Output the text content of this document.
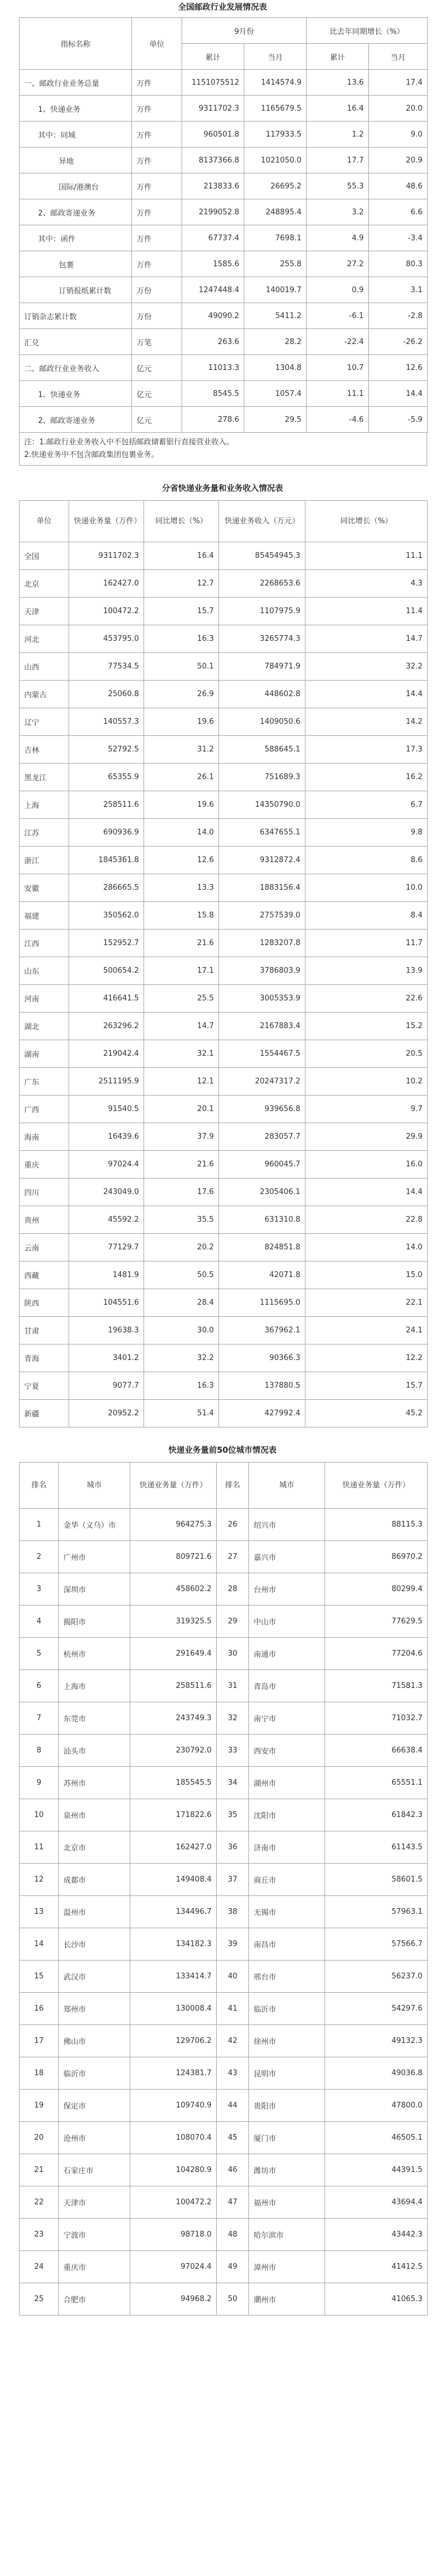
全国邮政行业发展情况表
指标名称	单位	9月份		比去年同期增长（%）	
		累计	当月	累计	当月
一、邮政行业业务总量	万件	1151075512	1414574.9	13.6	17.4
1、快递业务	万件	9311702.3	1165679.5	16.4	20.0
其中：同城	万件	960501.8	117933.5	1.2	9.0
异地	万件	8137366.8	1021050.0	17.7	20.9
国际/港澳台	万件	213833.6	26695.2	55.3	48.6
2、邮政寄递业务	万件	2199052.8	248895.4	3.2	6.6
其中：函件	万件	67737.4	7698.1	4.9	-3.4
包裹	万件	1585.6	255.8	27.2	80.3
订销报纸累计数	万份	1247448.4	140019.7	0.9	3.1
订销杂志累计数	万份	49090.2	5411.2	-6.1	-2.8
汇兑	万笔	263.6	28.2	-22.4	-26.2
二、邮政行业业务收入	亿元	11013.3	1304.8	10.7	12.6
1、快递业务	亿元	8545.5	1057.4	11.1	14.4
2、邮政寄递业务	亿元	278.6	29.5	-4.6	-5.9
注：1.邮政行业业务收入中不包括邮政储蓄银行直接营业收入。
2.快递业务中不包含邮政集团包裹业务。
分省快递业务量和业务收入情况表
单位	快递业务量（万件）	同比增长（%）	快递业务收入（万元）	同比增长（%）
全国	9311702.3	16.4	85454945.3	11.1
北京	162427.0	12.7	2268653.6	4.3
天津	100472.2	15.7	1107975.9	11.4
河北	453795.0	16.3	3265774.3	14.7
山西	77534.5	50.1	784971.9	32.2
内蒙古	25060.8	26.9	448602.8	14.4
辽宁	140557.3	19.6	1409050.6	14.2
吉林	52792.5	31.2	588645.1	17.3
黑龙江	65355.9	26.1	751689.3	16.2
上海	258511.6	19.6	14350790.0	6.7
江苏	690936.9	14.0	6347655.1	9.8
浙江	1845361.8	12.6	9312872.4	8.6
安徽	286665.5	13.3	1883156.4	10.0
福建	350562.0	15.8	2757539.0	8.4
江西	152952.7	21.6	1283207.8	11.7
山东	500654.2	17.1	3786803.9	13.9
河南	416641.5	25.5	3005353.9	22.6
湖北	263296.2	14.7	2167883.4	15.2
湖南	219042.4	32.1	1554467.5	20.5
广东	2511195.9	12.1	20247317.2	10.2
广西	91540.5	20.1	939656.8	9.7
海南	16439.6	37.9	283057.7	29.9
重庆	97024.4	21.6	960045.7	16.0
四川	243049.0	17.6	2305406.1	14.4
贵州	45592.2	35.5	631310.8	22.8
云南	77129.7	20.2	824851.8	14.0
西藏	1481.9	50.5	42071.8	15.0
陕西	104551.6	28.4	1115695.0	22.1
甘肃	19638.3	30.0	367962.1	24.1
青海	3401.2	32.2	90366.3	12.2
宁夏	9077.7	16.3	137880.5	15.7
新疆	20952.2	51.4	427992.4	45.2
快递业务量前50位城市情况表
排名	城市	快递业务量（万件）	排名	城市	快递业务量（万件）
1	金华（义乌）市	964275.3	26	绍兴市	88115.3
2	广州市	809721.6	27	嘉兴市	86970.2
3	深圳市	458602.2	28	台州市	80299.4
4	揭阳市	319325.5	29	中山市	77629.5
5	杭州市	291649.4	30	南通市	77204.6
6	上海市	258511.6	31	青岛市	71581.3
7	东莞市	243749.3	32	南宁市	71032.7
8	汕头市	230792.0	33	西安市	66638.4
9	苏州市	185545.5	34	湖州市	65551.1
10	泉州市	171822.6	35	沈阳市	61842.3
11	北京市	162427.0	36	济南市	61143.5
12	成都市	149408.4	37	商丘市	58601.5
13	温州市	134496.7	38	无锡市	57963.1
14	长沙市	134182.3	39	南昌市	57566.7
15	武汉市	133414.7	40	邢台市	56237.0
16	郑州市	130008.4	41	临沂市	54297.6
17	佛山市	129706.2	42	徐州市	49132.3
18	临沂市	124381.7	43	昆明市	49036.8
19	保定市	109740.9	44	贵阳市	47800.0
20	沧州市	108070.4	45	厦门市	46505.1
21	石家庄市	104280.9	46	潍坊市	44391.5
22	天津市	100472.2	47	福州市	43694.4
23	宁波市	98718.0	48	哈尔滨市	43442.3
24	重庆市	97024.4	49	漳州市	41412.5
25	合肥市	94968.2	50	潮州市	41065.3
